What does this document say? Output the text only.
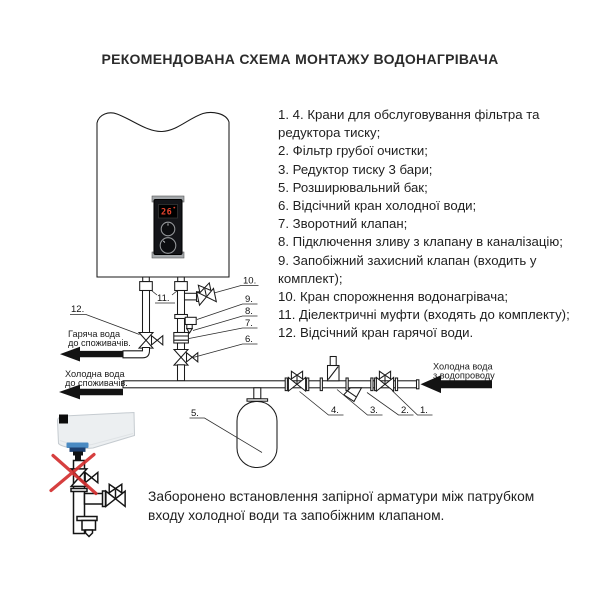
РЕКОМЕНДОВАНА СХЕМА МОНТАЖУ ВОДОНАГРІВАЧА
1. 4. Крани для обслуговування фільтра та
редуктора тиску;
2. Фільтр грубої очистки;
3. Редуктор тиску 3 бари;
5. Розширювальний бак;
6. Відсічний кран холодної води;
7. Зворотний клапан;
8. Підключення зливу з клапану в каналізацію;
9. Запобіжний захисний клапан (входить у
комплект);
10. Кран спорожнення водонагрівача;
11. Діелектричні муфти (входять до комплекту);
12. Відсічний кран гарячої води.
26
12.
11.
10.
9.
8.
7.
6.
5.	4.	3. 2. 1.
Гаряча вода
до споживачів.
Холодна вода
до споживачів.
Холодна вода
з водопроводу
Заборонено встановлення запірної арматури між патрубком
входу холодної води та запобіжним клапаном.
